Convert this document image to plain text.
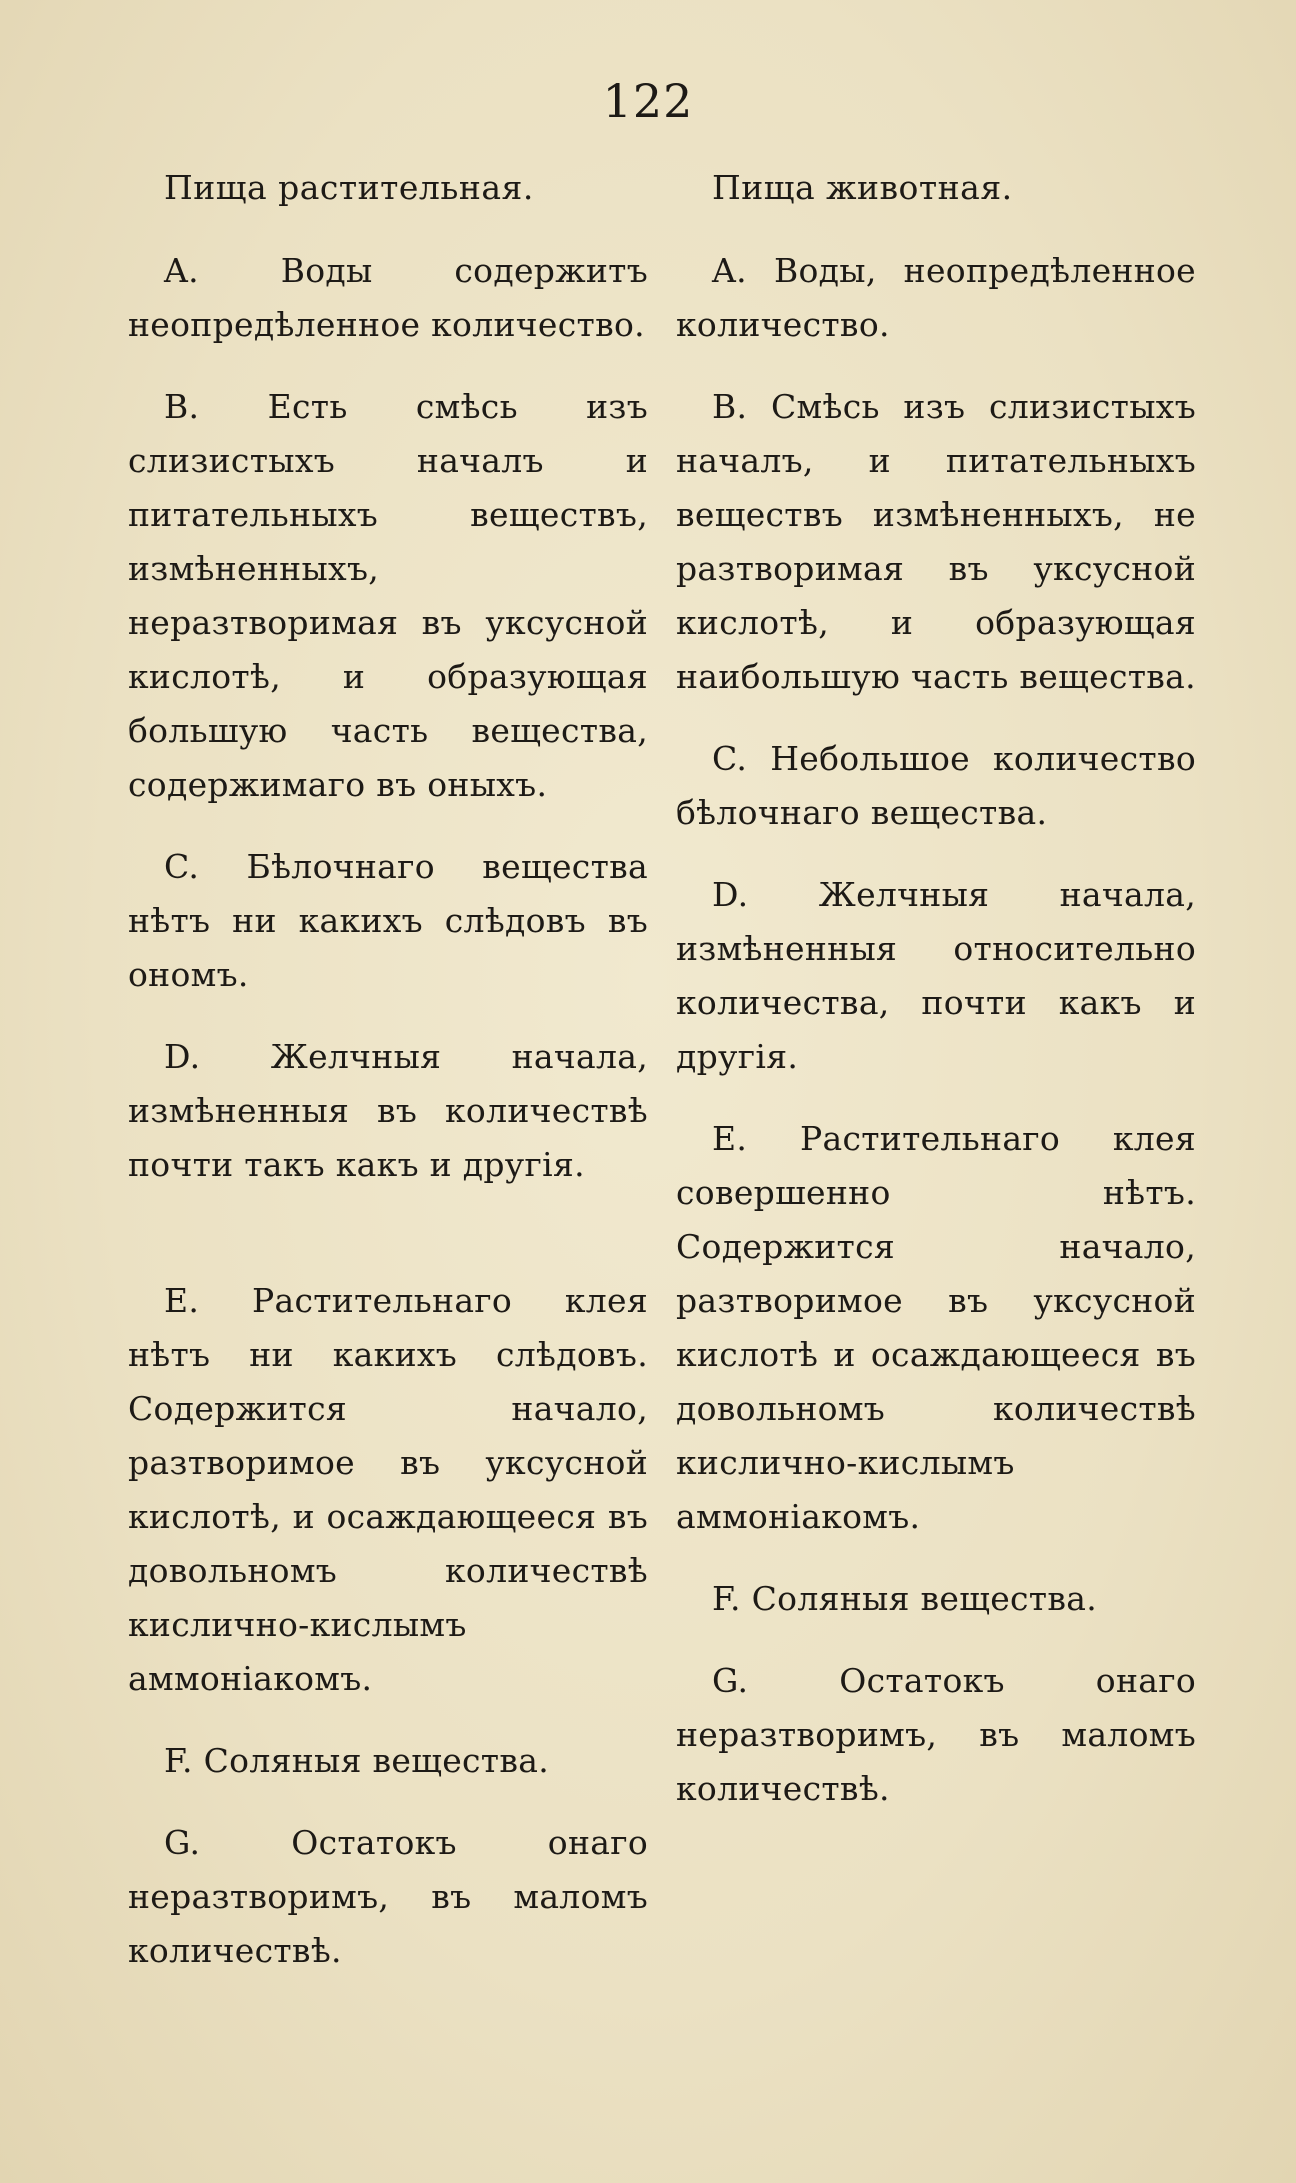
122
Пища растительная.

A. Воды содержитъ неопредѣленное количество.

B. Есть смѣсь изъ слизистыхъ началъ и питательныхъ веществъ, измѣненныхъ, неразтворимая въ уксусной кислотѣ, и образующая большую часть вещества, содержимаго въ оныхъ.

C. Бѣлочнаго вещества нѣтъ ни какихъ слѣдовъ въ ономъ.

D. Желчныя начала, измѣненныя въ количествѣ почти такъ какъ и другія.

E. Растительнаго клея нѣтъ ни какихъ слѣдовъ. Содержится начало, разтворимое въ уксусной кислотѣ, и осаждающееся въ довольномъ количествѣ кислично-кислымъ аммоніакомъ.

F. Соляныя вещества.

G. Остатокъ онаго неразтворимъ, въ маломъ количествѣ.

Пища животная.

A. Воды, неопредѣленное количество.

B. Смѣсь изъ слизистыхъ началъ, и питательныхъ веществъ измѣненныхъ, не разтворимая въ уксусной кислотѣ, и образующая наибольшую часть вещества.

C. Небольшое количество бѣлочнаго вещества.

D. Желчныя начала, измѣненныя относительно количества, почти какъ и другія.

E. Растительнаго клея совершенно нѣтъ. Содержится начало, разтворимое въ уксусной кислотѣ и осаждающееся въ довольномъ количествѣ кислично-кислымъ аммоніакомъ.

F. Соляныя вещества.

G. Остатокъ онаго неразтворимъ, въ маломъ количествѣ.
